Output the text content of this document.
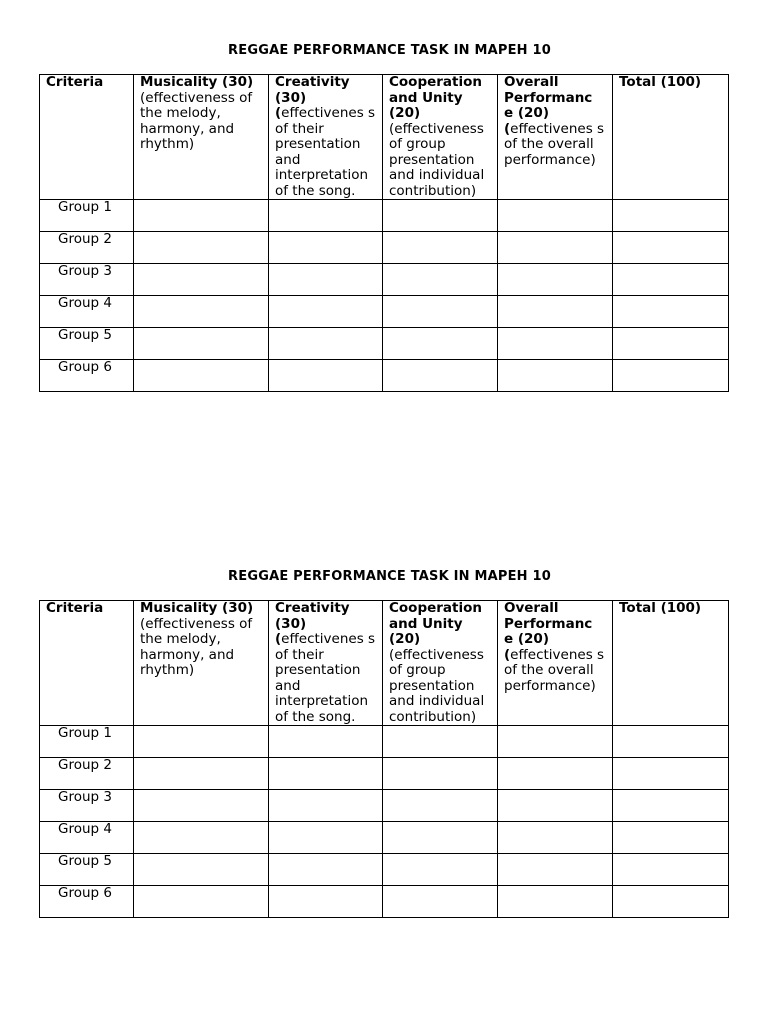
REGGAE PERFORMANCE TASK IN MAPEH 10
Criteria	Musicality (30) (effectiveness of the melody, harmony, and rhythm)	Creativity (30) (effectivenes s of their presentation and interpretation of the song.	Cooperation and Unity (20) (effectiveness of group presentation and individual contribution)	Overall Performanc e (20) (effectivenes s of the overall performance)	Total (100)
Group 1					
Group 2					
Group 3					
Group 4					
Group 5					
Group 6					
REGGAE PERFORMANCE TASK IN MAPEH 10
Criteria	Musicality (30) (effectiveness of the melody, harmony, and rhythm)	Creativity (30) (effectivenes s of their presentation and interpretation of the song.	Cooperation and Unity (20) (effectiveness of group presentation and individual contribution)	Overall Performanc e (20) (effectivenes s of the overall performance)	Total (100)
Group 1					
Group 2					
Group 3					
Group 4					
Group 5					
Group 6					
